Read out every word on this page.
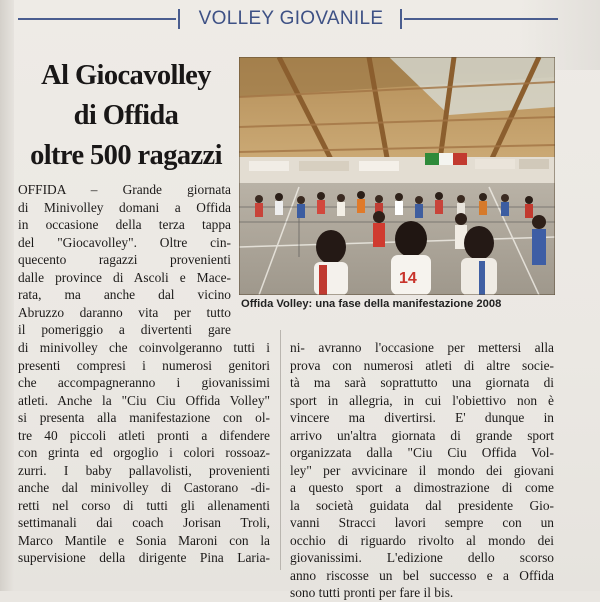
VOLLEY GIOVANILE
Al Giocavolley
di Offida
oltre 500 ragazzi
14
Offida Volley: una fase della manifestazione 2008
OFFIDA – Grande giornata
di Minivolley domani a Offida
in occasione della terza tappa
del "Giocavolley". Oltre cin-
quecento ragazzi provenienti
dalle province di Ascoli e Mace-
rata, ma anche dal vicino
Abruzzo daranno vita per tutto
il pomeriggio a divertenti gare
di minivolley che coinvolgeranno tutti i
presenti compresi i numerosi genitori
che accompagneranno i giovanissimi
atleti. Anche la "Ciu Ciu Offida Volley"
si presenta alla manifestazione con ol-
tre 40 piccoli atleti pronti a difendere
con grinta ed orgoglio i colori rossoaz-
zurri. I baby pallavolisti, provenienti
anche dal minivolley di Castorano -di-
retti nel corso di tutti gli allenamenti
settimanali dai coach Jorisan Troli,
Marco Mantile e Sonia Maroni con la
supervisione della dirigente Pina Laria-
ni- avranno l'occasione per mettersi alla
prova con numerosi atleti di altre socie-
tà ma sarà soprattutto una giornata di
sport in allegria, in cui l'obiettivo non è
vincere ma divertirsi. E' dunque in
arrivo un'altra giornata di grande sport
organizzata dalla "Ciu Ciu Offida Vol-
ley" per avvicinare il mondo dei giovani
a questo sport a dimostrazione di come
la società guidata dal presidente Gio-
vanni Stracci lavori sempre con un
occhio di riguardo rivolto al mondo dei
giovanissimi. L'edizione dello scorso
anno riscosse un bel successo e a Offida
sono tutti pronti per fare il bis.
